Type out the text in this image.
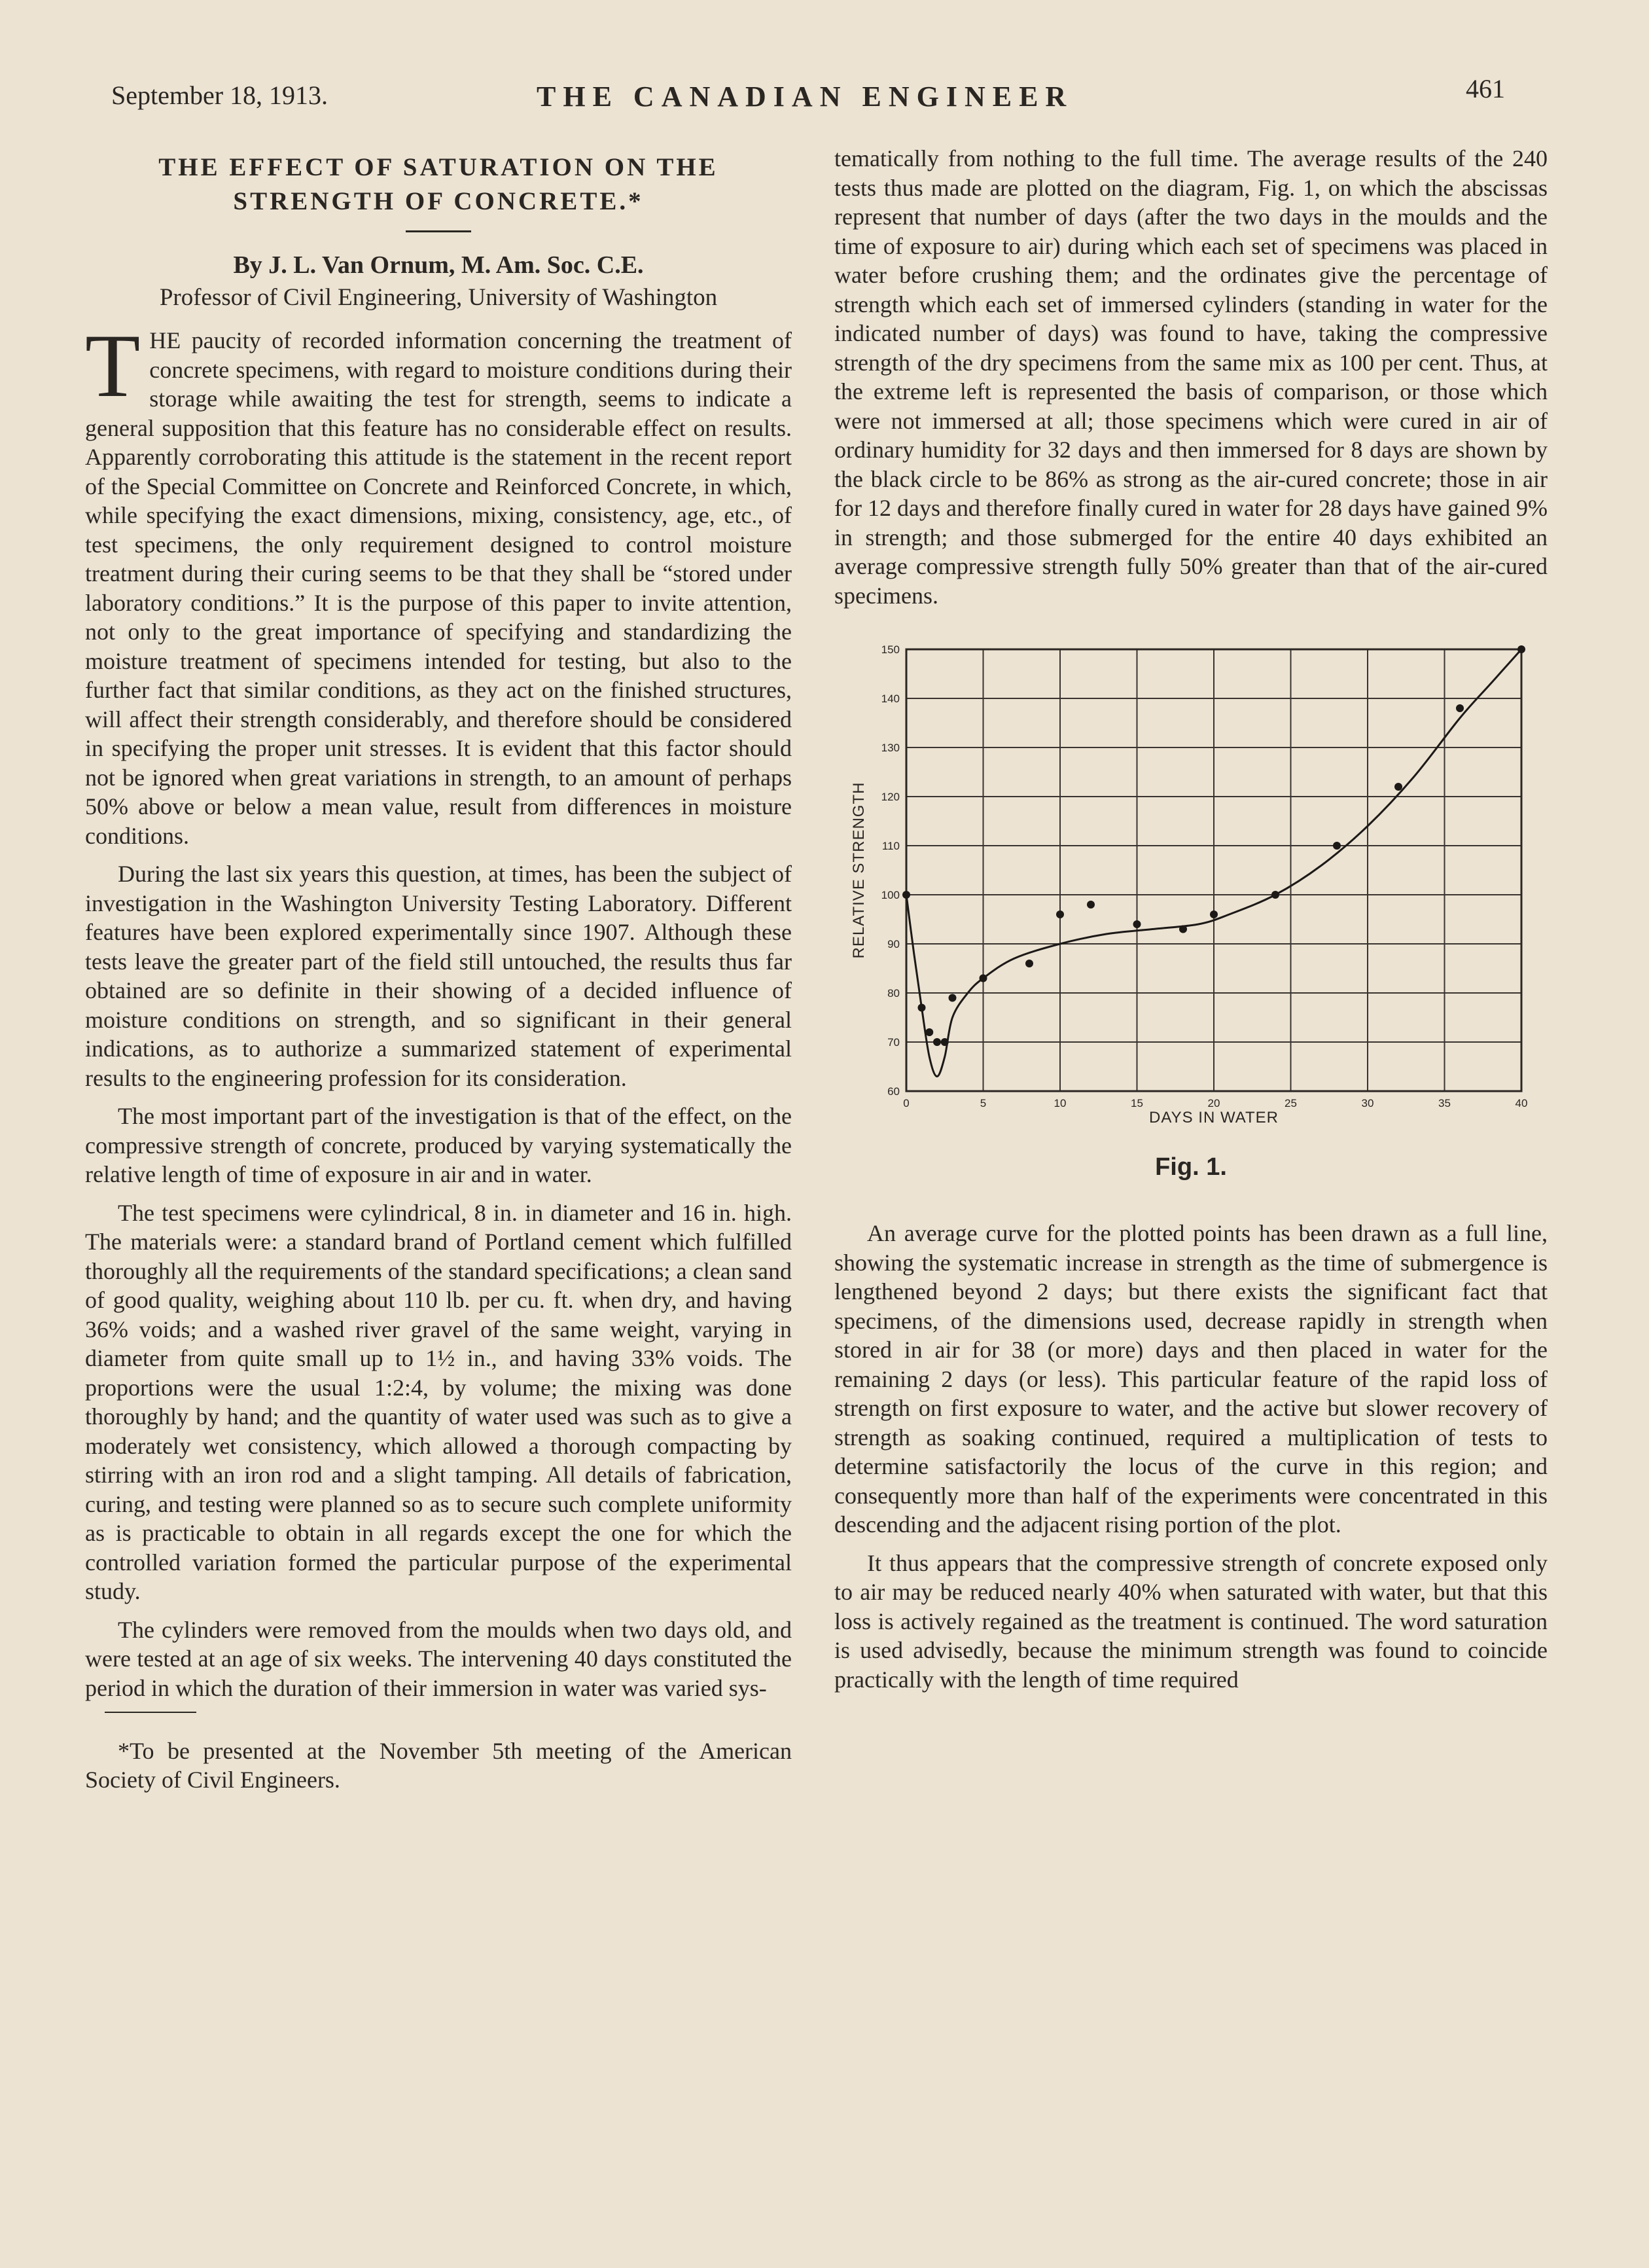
September 18, 1913.	THE CANADIAN ENGINEER	461
THE EFFECT OF SATURATION ON THE
STRENGTH OF CONCRETE.*
By J. L. Van Ornum, M. Am. Soc. C.E.
Professor of Civil Engineering, University of Washington

THE paucity of recorded information concerning the treatment of concrete specimens, with regard to moisture conditions during their storage while awaiting the test for strength, seems to indicate a general supposition that this feature has no considerable effect on results. Apparently corroborating this attitude is the statement in the recent report of the Special Committee on Concrete and Reinforced Concrete, in which, while specifying the exact dimensions, mixing, consistency, age, etc., of test specimens, the only requirement designed to control moisture treatment during their curing seems to be that they shall be “stored under laboratory conditions.” It is the purpose of this paper to invite attention, not only to the great importance of specifying and standardizing the moisture treatment of specimens intended for testing, but also to the further fact that similar conditions, as they act on the finished structures, will affect their strength considerably, and therefore should be considered in specifying the proper unit stresses. It is evident that this factor should not be ignored when great variations in strength, to an amount of perhaps 50% above or below a mean value, result from differences in moisture conditions.

During the last six years this question, at times, has been the subject of investigation in the Washington University Testing Laboratory. Different features have been explored experimentally since 1907. Although these tests leave the greater part of the field still untouched, the results thus far obtained are so definite in their showing of a decided influence of moisture conditions on strength, and so significant in their general indications, as to authorize a summarized statement of experimental results to the engineering profession for its consideration.

The most important part of the investigation is that of the effect, on the compressive strength of concrete, produced by varying systematically the relative length of time of exposure in air and in water.

The test specimens were cylindrical, 8 in. in diameter and 16 in. high. The materials were: a standard brand of Portland cement which fulfilled thoroughly all the requirements of the standard specifications; a clean sand of good quality, weighing about 110 lb. per cu. ft. when dry, and having 36% voids; and a washed river gravel of the same weight, varying in diameter from quite small up to 1½ in., and having 33% voids. The proportions were the usual 1:2:4, by volume; the mixing was done thoroughly by hand; and the quantity of water used was such as to give a moderately wet consistency, which allowed a thorough compacting by stirring with an iron rod and a slight tamping. All details of fabrication, curing, and testing were planned so as to secure such complete uniformity as is practicable to obtain in all regards except the one for which the controlled variation formed the particular purpose of the experimental study.

The cylinders were removed from the moulds when two days old, and were tested at an age of six weeks. The intervening 40 days constituted the period in which the duration of their immersion in water was varied sys-

*To be presented at the November 5th meeting of the American Society of Civil Engineers.

tematically from nothing to the full time. The average results of the 240 tests thus made are plotted on the diagram, Fig. 1, on which the abscissas represent that number of days (after the two days in the moulds and the time of exposure to air) during which each set of specimens was placed in water before crushing them; and the ordinates give the percentage of strength which each set of immersed cylinders (standing in water for the indicated number of days) was found to have, taking the compressive strength of the dry specimens from the same mix as 100 per cent. Thus, at the extreme left is represented the basis of comparison, or those which were not immersed at all; those specimens which were cured in air of ordinary humidity for 32 days and then immersed for 8 days are shown by the black circle to be 86% as strong as the air-cured concrete; those in air for 12 days and therefore finally cured in water for 28 days have gained 9% in strength; and those submerged for the entire 40 days exhibited an average compressive strength fully 50% greater than that of the air-cured specimens.

0	5	10	15	20	25	30	35	40
60
70
80
90
100
110
120
130
140
150
DAYS IN WATER
RELATIVE STRENGTH
Fig. 1.

An average curve for the plotted points has been drawn as a full line, showing the systematic increase in strength as the time of submergence is lengthened beyond 2 days; but there exists the significant fact that specimens, of the dimensions used, decrease rapidly in strength when stored in air for 38 (or more) days and then placed in water for the remaining 2 days (or less). This particular feature of the rapid loss of strength on first exposure to water, and the active but slower recovery of strength as soaking continued, required a multiplication of tests to determine satisfactorily the locus of the curve in this region; and consequently more than half of the experiments were concentrated in this descending and the adjacent rising portion of the plot.

It thus appears that the compressive strength of concrete exposed only to air may be reduced nearly 40% when saturated with water, but that this loss is actively regained as the treatment is continued. The word saturation is used advisedly, because the minimum strength was found to coincide practically with the length of time required
